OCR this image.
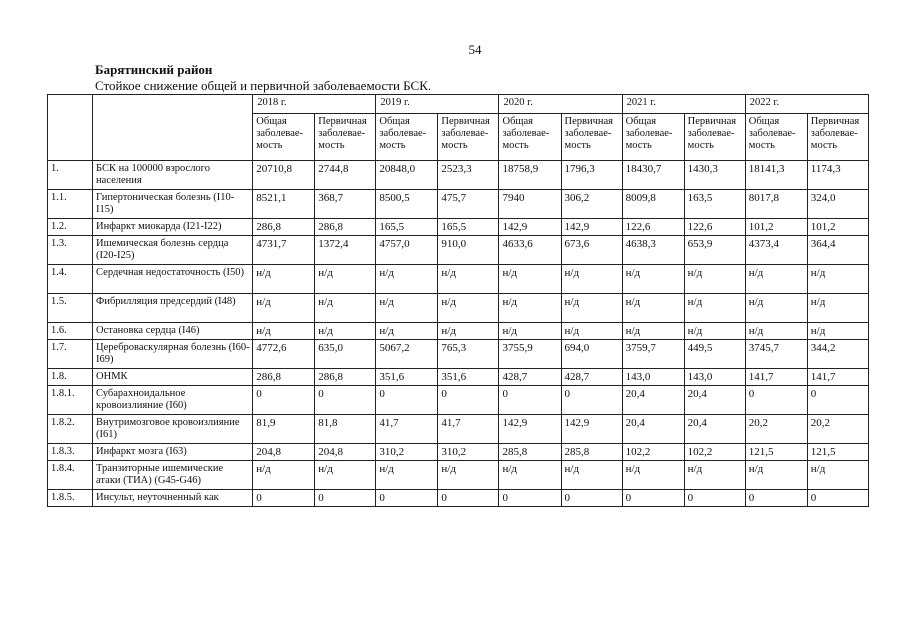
54
Барятинский район
Стойкое снижение общей и первичной заболеваемости БСК.
		2018 г.		2019 г.		2020 г.		2021 г.		2022 г.	
		Общая заболевае-мость	Первичная заболевае-мость	Общая заболевае-мость	Первичная заболевае-мость	Общая заболевае-мость	Первичная заболевае-мость	Общая заболевае-мость	Первичная заболевае-мость	Общая заболевае-мость	Первичная заболевае-мость
1.	БСК на 100000 взрослого населения	20710,8	2744,8	20848,0	2523,3	18758,9	1796,3	18430,7	1430,3	18141,3	1174,3
1.1.	Гипертоническая болезнь (I10-I15)	8521,1	368,7	8500,5	475,7	7940	306,2	8009,8	163,5	8017,8	324,0
1.2.	Инфаркт миокарда (I21-I22)	286,8	286,8	165,5	165,5	142,9	142,9	122,6	122,6	101,2	101,2
1.3.	Ишемическая болезнь сердца (I20-I25)	4731,7	1372,4	4757,0	910,0	4633,6	673,6	4638,3	653,9	4373,4	364,4
1.4.	Сердечная недостаточность (I50)	н/д	н/д	н/д	н/д	н/д	н/д	н/д	н/д	н/д	н/д
1.5.	Фибрилляция предсердий (I48)	н/д	н/д	н/д	н/д	н/д	н/д	н/д	н/д	н/д	н/д
1.6.	Остановка сердца (I46)	н/д	н/д	н/д	н/д	н/д	н/д	н/д	н/д	н/д	н/д
1.7.	Цереброваскулярная болезнь (I60-I69)	4772,6	635,0	5067,2	765,3	3755,9	694,0	3759,7	449,5	3745,7	344,2
1.8.	ОНМК	286,8	286,8	351,6	351,6	428,7	428,7	143,0	143,0	141,7	141,7
1.8.1.	Субарахноидальное кровоизлияние (I60)	0	0	0	0	0	0	20,4	20,4	0	0
1.8.2.	Внутримозговое кровоизлияние (I61)	81,9	81,8	41,7	41,7	142,9	142,9	20,4	20,4	20,2	20,2
1.8.3.	Инфаркт мозга (I63)	204,8	204,8	310,2	310,2	285,8	285,8	102,2	102,2	121,5	121,5
1.8.4.	Транзиторные ишемические атаки (ТИА) (G45-G46)	н/д	н/д	н/д	н/д	н/д	н/д	н/д	н/д	н/д	н/д
1.8.5.	Инсульт, неуточненный как	0	0	0	0	0	0	0	0	0	0
